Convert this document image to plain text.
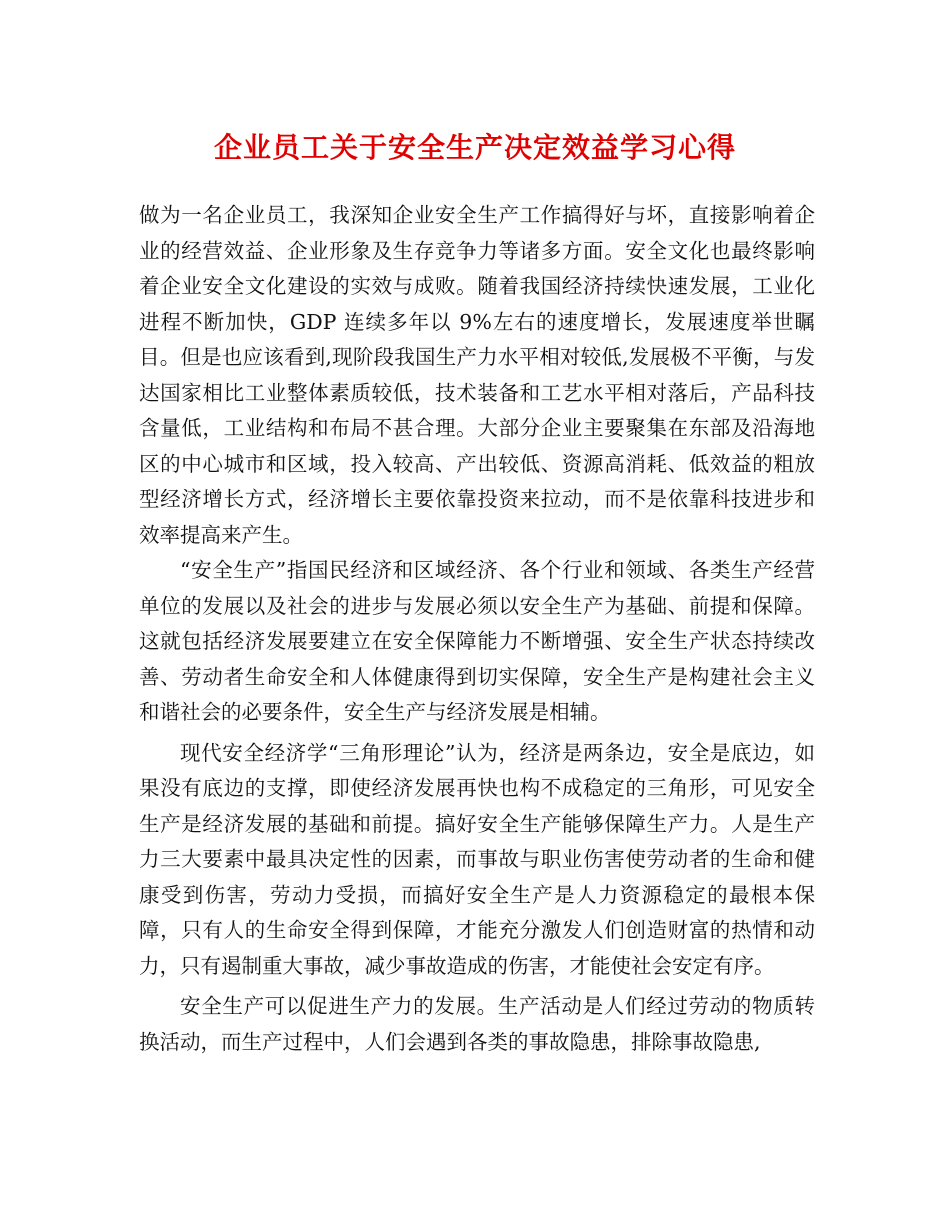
企业员工关于安全生产决定效益学习心得

做为一名企业员工，我深知企业安全生产工作搞得好与坏，直接影响着企业的经营效益、企业形象及生存竞争力等诸多方面。安全文化也最终影响着企业安全文化建设的实效与成败。随着我国经济持续快速发展，工业化进程不断加快，GDP 连续多年以 9%左右的速度增长，发展速度举世瞩目。但是也应该看到,现阶段我国生产力水平相对较低,发展极不平衡，与发达国家相比工业整体素质较低，技术装备和工艺水平相对落后，产品科技含量低，工业结构和布局不甚合理。大部分企业主要聚集在东部及沿海地区的中心城市和区域，投入较高、产出较低、资源高消耗、低效益的粗放型经济增长方式，经济增长主要依靠投资来拉动，而不是依靠科技进步和效率提高来产生。

“安全生产”指国民经济和区域经济、各个行业和领域、各类生产经营单位的发展以及社会的进步与发展必须以安全生产为基础、前提和保障。这就包括经济发展要建立在安全保障能力不断增强、安全生产状态持续改善、劳动者生命安全和人体健康得到切实保障，安全生产是构建社会主义和谐社会的必要条件，安全生产与经济发展是相辅。

现代安全经济学“三角形理论”认为，经济是两条边，安全是底边，如果没有底边的支撑，即使经济发展再快也构不成稳定的三角形，可见安全生产是经济发展的基础和前提。搞好安全生产能够保障生产力。人是生产力三大要素中最具决定性的因素，而事故与职业伤害使劳动者的生命和健康受到伤害，劳动力受损，而搞好安全生产是人力资源稳定的最根本保障，只有人的生命安全得到保障，才能充分激发人们创造财富的热情和动力，只有遏制重大事故，减少事故造成的伤害，才能使社会安定有序。

安全生产可以促进生产力的发展。生产活动是人们经过劳动的物质转换活动，而生产过程中，人们会遇到各类的事故隐患，排除事故隐患,
